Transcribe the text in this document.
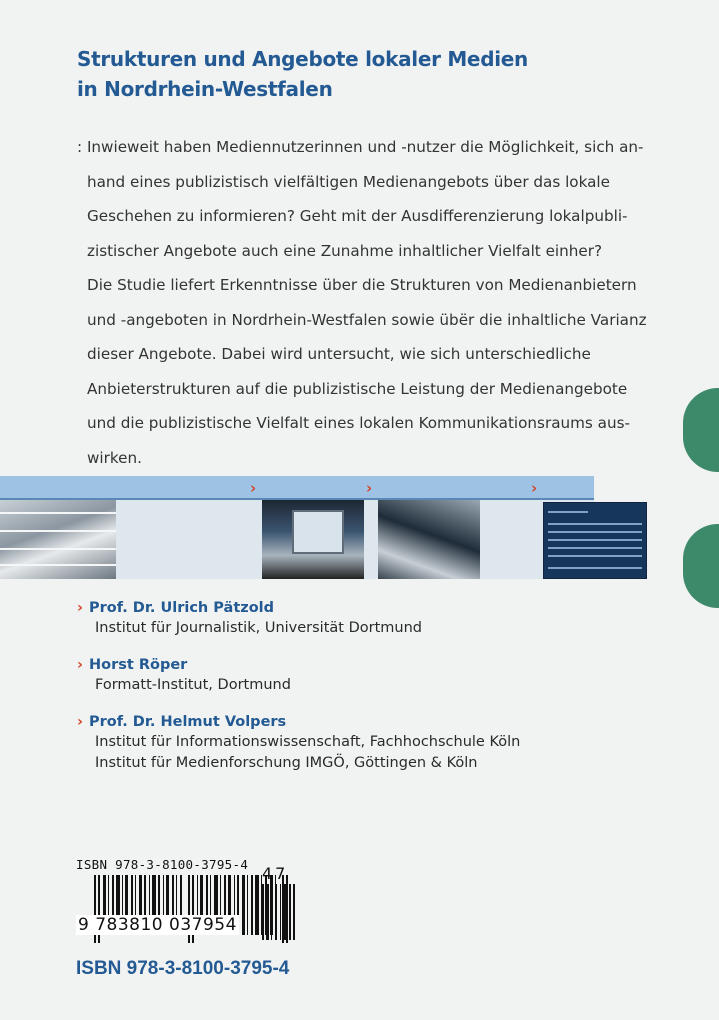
Strukturen und Angebote lokaler Medien
in Nordrhein-Westfalen
: Inwieweit haben Mediennutzerinnen und -nutzer die Möglichkeit, sich an-
hand eines publizistisch vielfältigen Medienangebots über das lokale
Geschehen zu informieren? Geht mit der Ausdifferenzierung lokalpubli-
zistischer Angebote auch eine Zunahme inhaltlicher Vielfalt einher?
Die Studie liefert Erkenntnisse über die Strukturen von Medienanbietern
und -angeboten in Nordrhein-Westfalen sowie übër die inhaltliche Varianz
dieser Angebote. Dabei wird untersucht, wie sich unterschiedliche
Anbieterstrukturen auf die publizistische Leistung der Medienangebote
und die publizistische Vielfalt eines lokalen Kommunikationsraums aus-
wirken.
›	›	›
› Prof. Dr. Ulrich Pätzold
Institut für Journalistik, Universität Dortmund
› Horst Röper
Formatt-Institut, Dortmund
› Prof. Dr. Helmut Volpers
Institut für Informationswissenschaft, Fachhochschule Köln
Institut für Medienforschung IMGÖ, Göttingen & Köln
ISBN 978-3-8100-3795-4
9 783810 037954
47
ISBN 978-3-8100-3795-4
